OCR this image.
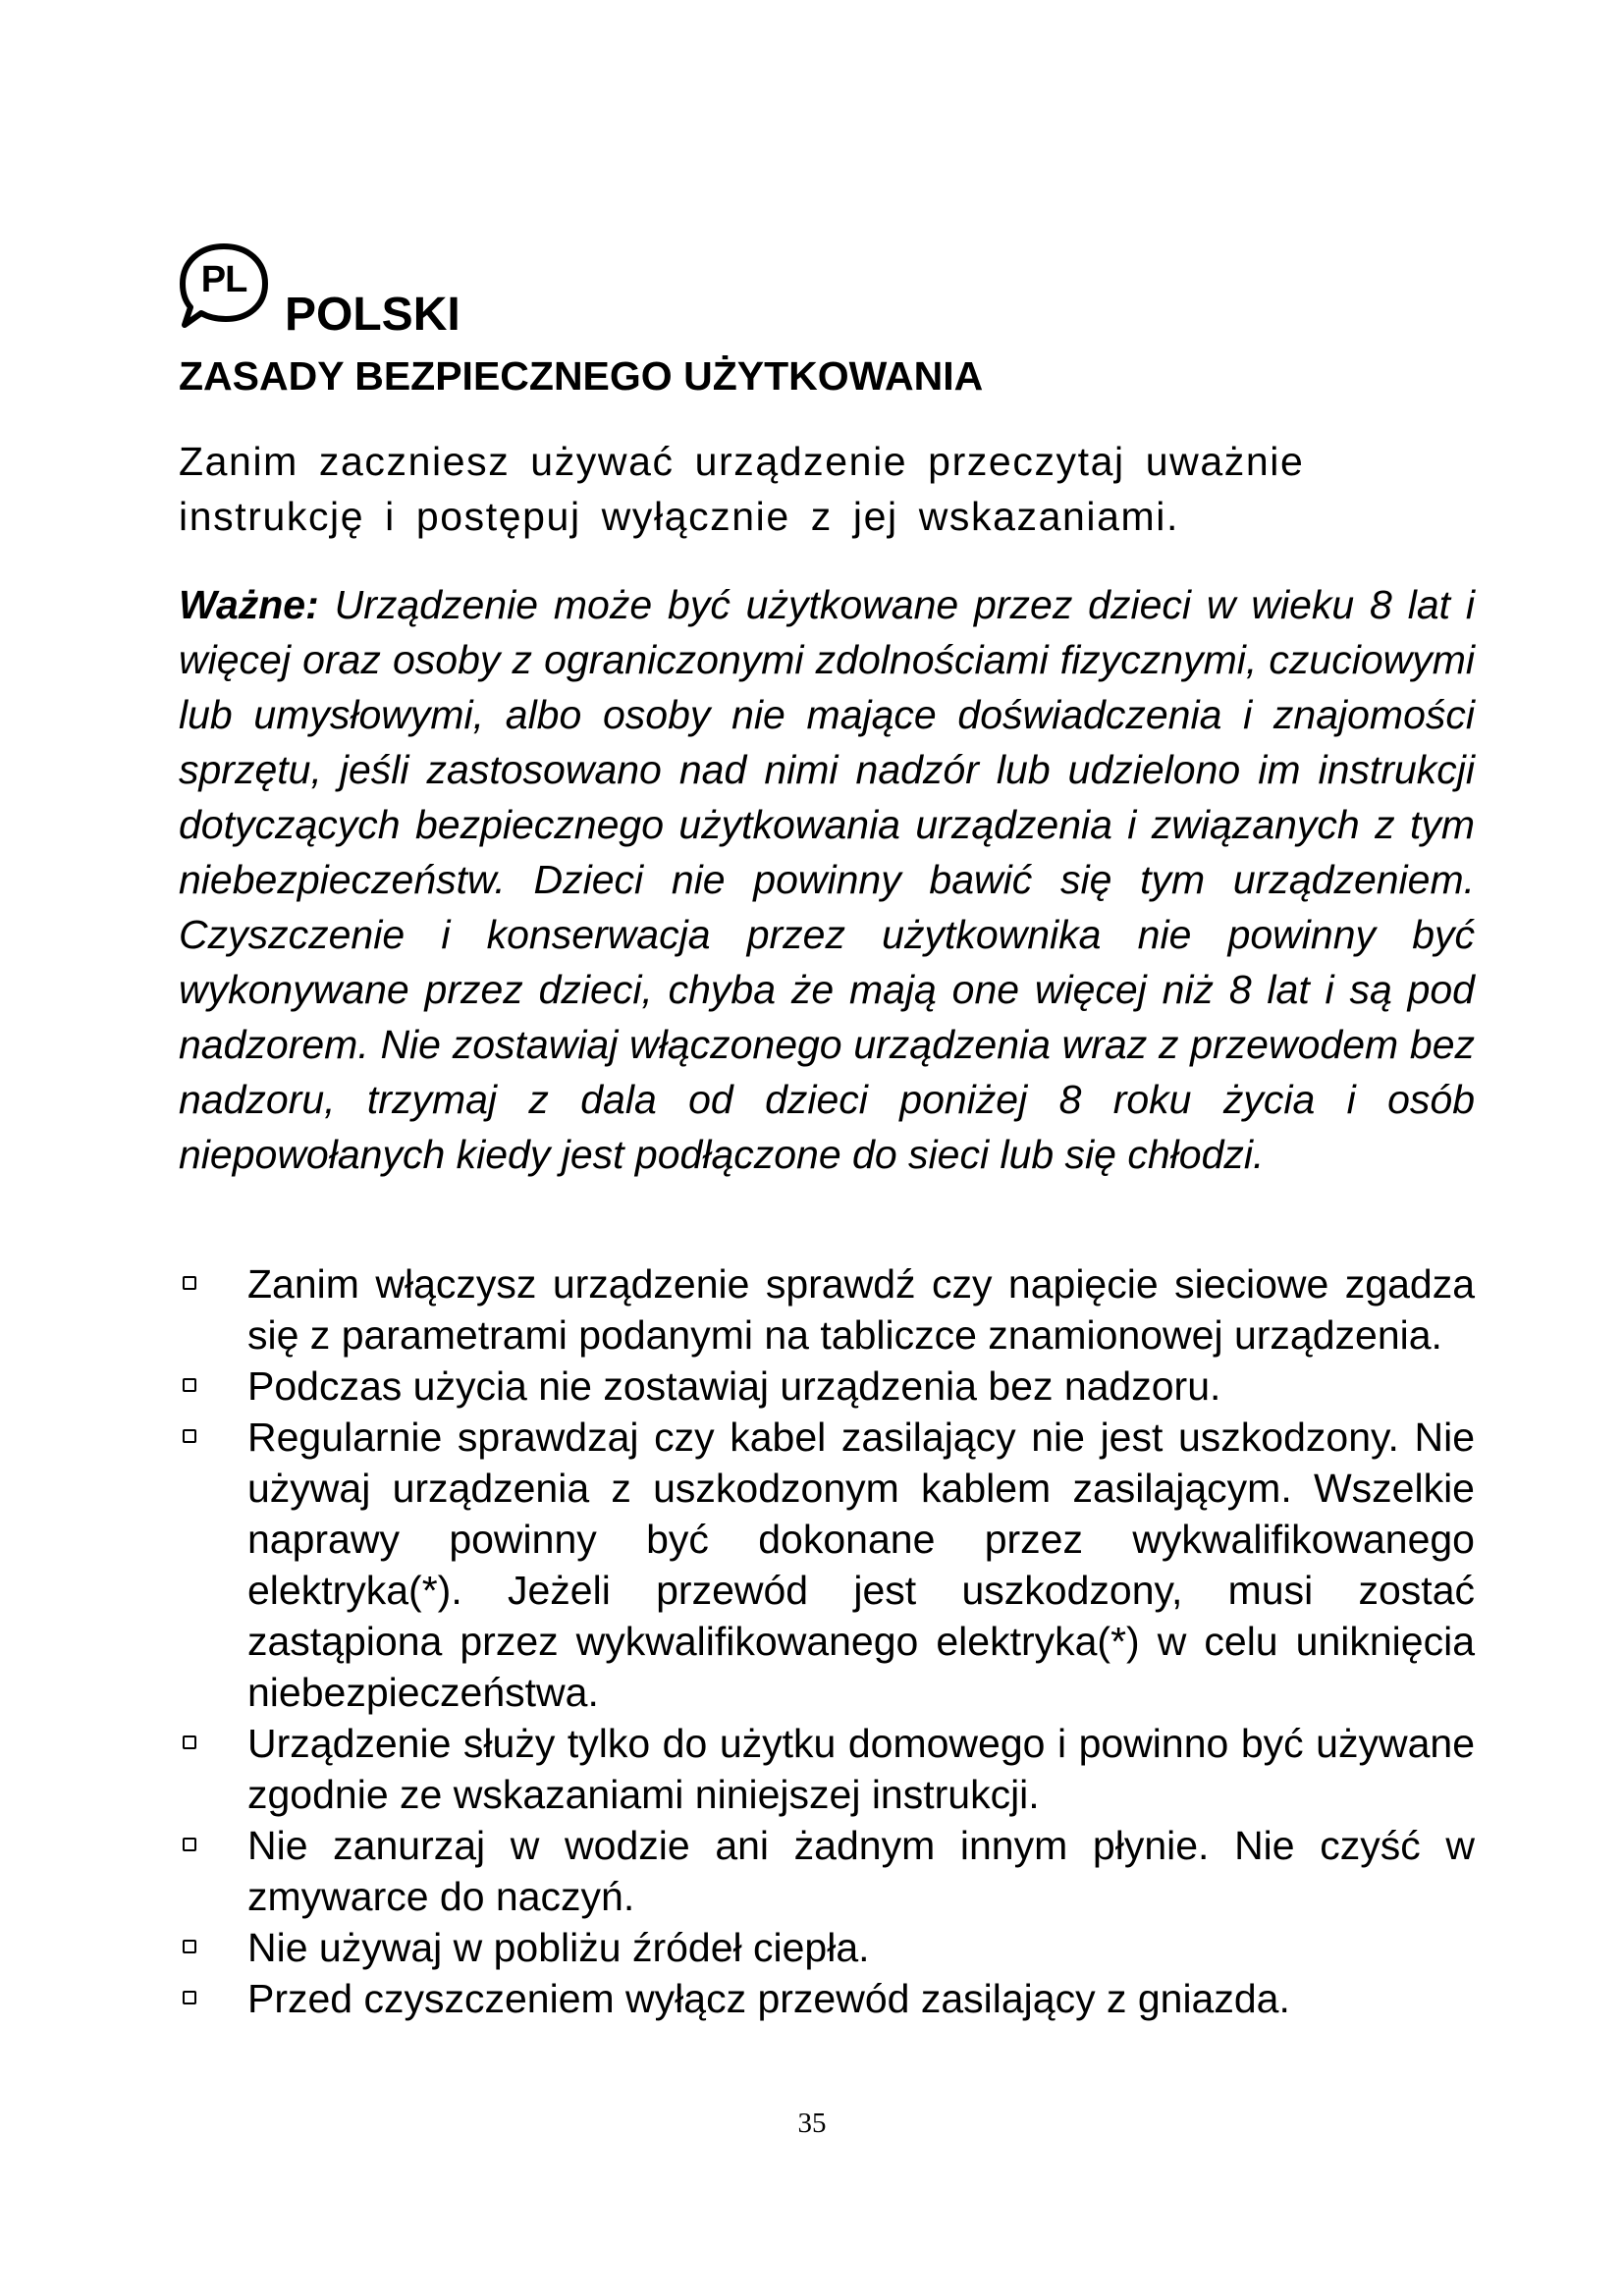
PL
POLSKI
ZASADY BEZPIECZNEGO UŻYTKOWANIA

Zanim zaczniesz używać urządzenie przeczytaj uważnie instrukcję i postępuj wyłącznie z jej wskazaniami.

Ważne: Urządzenie może być użytkowane przez dzieci w wieku 8 lat i więcej oraz osoby z ograniczonymi zdolnościami fizycznymi, czuciowymi lub umysłowymi, albo osoby nie mające doświadczenia i znajomości sprzętu, jeśli zastosowano nad nimi nadzór lub udzielono im instrukcji dotyczących bezpiecznego użytkowania urządzenia i związanych z tym niebezpieczeństw. Dzieci nie powinny bawić się tym urządzeniem. Czyszczenie i konserwacja przez użytkownika nie powinny być wykonywane przez dzieci, chyba że mają one więcej niż 8 lat i są pod nadzorem. Nie zostawiaj włączonego urządzenia wraz z przewodem bez nadzoru, trzymaj z dala od dzieci poniżej 8 roku życia i osób niepowołanych kiedy jest podłączone do sieci lub się chłodzi.

Zanim włączysz urządzenie sprawdź czy napięcie sieciowe zgadza się z parametrami podanymi na tabliczce znamionowej urządzenia.
Podczas użycia nie zostawiaj urządzenia bez nadzoru.
Regularnie sprawdzaj czy kabel zasilający nie jest uszkodzony. Nie używaj urządzenia z uszkodzonym kablem zasilającym. Wszelkie naprawy powinny być dokonane przez wykwalifikowanego elektryka(*). Jeżeli przewód jest uszkodzony, musi zostać zastąpiona przez wykwalifikowanego elektryka(*) w celu uniknięcia niebezpieczeństwa.
Urządzenie służy tylko do użytku domowego i powinno być używane zgodnie ze wskazaniami niniejszej instrukcji.
Nie zanurzaj w wodzie ani żadnym innym płynie. Nie czyść w zmywarce do naczyń.
Nie używaj w pobliżu źródeł ciepła.
Przed czyszczeniem wyłącz przewód zasilający z gniazda.
35
